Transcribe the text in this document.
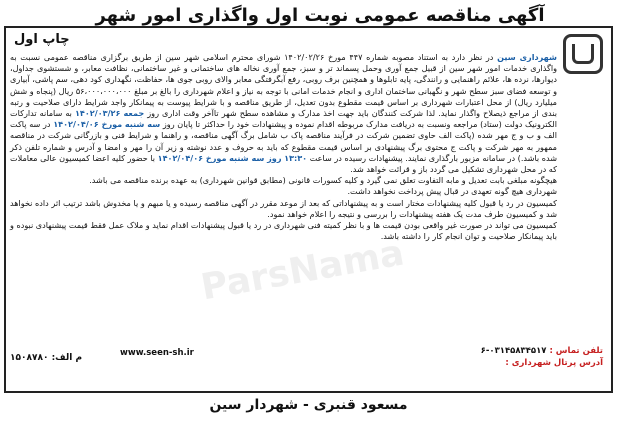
آگهی مناقصه عمومی نوبت اول واگذاری امور شهر
چاپ اول
شهرداری سین در نظر دارد به استناد مصوبه شماره ۴۴۷ مورخ ۱۴۰۲/۰۲/۲۶ شورای محترم اسلامی شهر سین از طریق برگزاری مناقصه عمومی نسبت به واگذاری خدمات امور شهر سین از قبیل جمع آوری وحمل پسماند تر و سبز، جمع آوری نخاله های ساختمانی و غیر ساختمانی، نظافت معابر، و شستشوی جداول، دیوارها، نرده ها، علائم راهنمایی و رانندگی، پایه تابلوها و همچنین برف روبی، رفع آبگرفتگی معابر والای روبی جوی ها، حفاظت، نگهداری کود دهی، سم پاشی، آبیاری و توسعه فضای سبز سطح شهر و نگهبانی ساختمان اداری و انجام خدمات امانی با توجه به نیاز و اعلام شهرداری را بالغ بر مبلغ ۵۶،۰۰۰،۰۰۰،۰۰۰ ریال (پنجاه و شش میلیارد ریال) از محل اعتبارات شهرداری بر اساس قیمت مقطوع بدون تعدیل، از طریق مناقصه و با شرایط پیوست به پیمانکار واجد شرایط دارای صلاحیت و رتبه بندی از مراجع ذیصلاح واگذار نماید. لذا شرکت کنندگان باید جهت اخذ مدارک و مشاهده سطح شهر تاآخر وقت اداری روز جمعه ۱۴۰۲/۰۳/۲۶ به سامانه تدارکات الکترونیک دولت (ستاد) مراجعه ونسبت به دریافت مدارک مربوطه اقدام نموده و پیشنهادات خود را حداکثر تا پایان روز سه شنبه مورخ ۱۴۰۲/۰۴/۰۶ در سه پاکت الف و ب و ج مهر شده (پاکت الف حاوی تضمین شرکت در فرآیند مناقصه پاک ب شامل برگ آگهی مناقصه، و راهنما و شرایط فنی و بازرگانی شرکت در مناقصه ممهور به مهر شرکت و پاکت ج محتوی برگ پیشنهادی بر اساس قیمت مقطوع که باید به حروف و عدد نوشته و زیر آن را مهر و امضا و آدرس و شماره تلفن ذکر شده باشد.) در سامانه مزبور بارگذاری نمایند. پیشنهادات رسیده در ساعت ۱۳:۳۰ روز سه شنبه مورخ ۱۴۰۲/۰۴/۰۶ با حضور کلیه اعضا کمیسیون عالی معاملات که در محل شهرداری تشکیل می گردد باز و قرائت خواهد شد.
هیچگونه مبلغی بابت تعدیل و مابه التفاوت تعلق نمی گیرد و کلیه کسورات قانونی (مطابق قوانین شهرداری) به عهده برنده مناقصه می باشد.
شهرداری هیچ گونه تعهدی در قبال پیش پرداخت نخواهد داشت.
کمیسیون در رد یا قبول کلیه پیشنهادات مختار است و به پیشنهاداتی که بعد از موعد مقرر در آگهی مناقصه رسیده و یا مبهم و یا مخدوش باشد ترتیب اثر داده نخواهد شد و کمیسیون طرف مدت یک هفته پیشنهادات را بررسی و نتیجه را اعلام خواهد نمود.
کمیسیون می تواند در صورت غیر واقعی بودن قیمت ها و با نظر کمیته فنی شهرداری در رد یا قبول پیشنهادات اقدام نماید و ملاک عمل فقط قیمت پیشنهادی نبوده و باید پیمانکار صلاحیت و توان انجام کار را داشته باشد.
ParsNama
تلفن تماس : ۰۳۱۴۵۸۳۴۵۱۷-۶
آدرس پرتال شهرداری :
www.seen-sh.ir
م الف: ۱۵۰۸۷۸۰
مسعود قنبری - شهردار سین
